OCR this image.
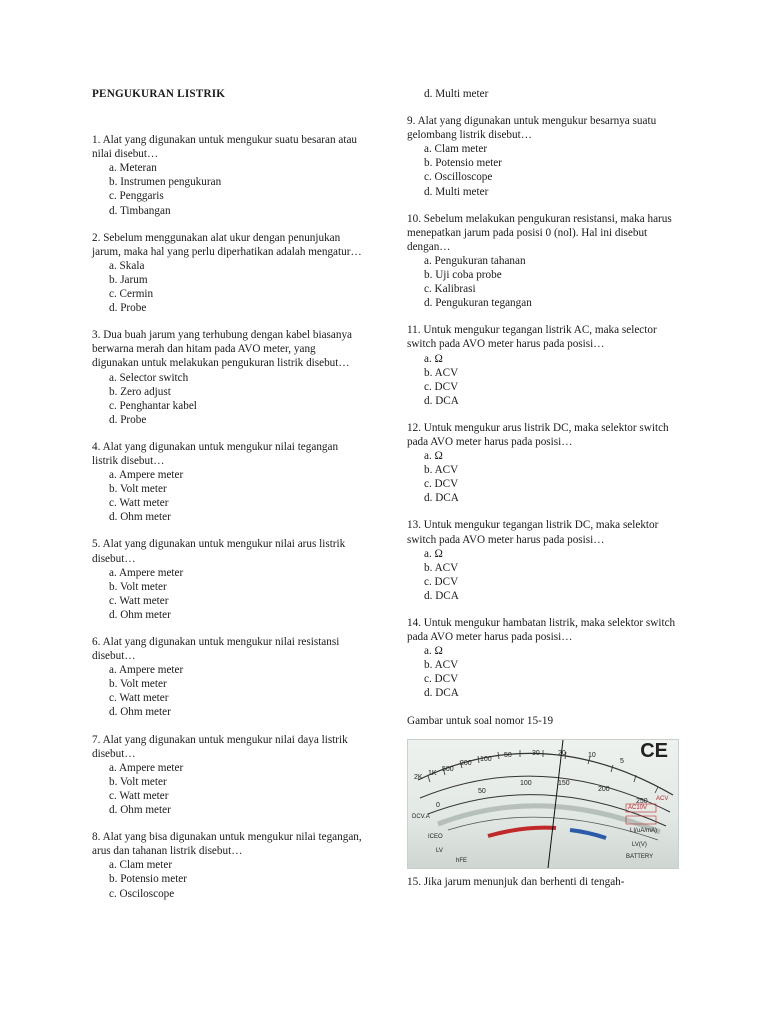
PENGUKURAN LISTRIK
1. Alat yang digunakan untuk mengukur suatu besaran atau nilai disebut…
a. Meteran
b. Instrumen pengukuran
c. Penggaris
d. Timbangan
2. Sebelum menggunakan alat ukur dengan penunjukan jarum, maka hal yang perlu diperhatikan adalah mengatur…
a. Skala
b. Jarum
c. Cermin
d. Probe
3. Dua buah jarum yang terhubung dengan kabel biasanya berwarna merah dan hitam pada AVO meter, yang digunakan untuk melakukan pengukuran listrik disebut…
a. Selector switch
b. Zero adjust
c. Penghantar kabel
d. Probe
4. Alat yang digunakan untuk mengukur nilai tegangan listrik disebut…
a. Ampere meter
b. Volt meter
c. Watt meter
d. Ohm meter
5. Alat yang digunakan untuk mengukur nilai arus listrik disebut…
a. Ampere meter
b. Volt meter
c. Watt meter
d. Ohm meter
6. Alat yang digunakan untuk mengukur nilai resistansi disebut…
a. Ampere meter
b. Volt meter
c. Watt meter
d. Ohm meter
7. Alat yang digunakan untuk mengukur nilai daya listrik disebut…
a. Ampere meter
b. Volt meter
c. Watt meter
d. Ohm meter
8. Alat yang bisa digunakan untuk mengukur nilai tegangan, arus dan tahanan listrik disebut…
a. Clam meter
b. Potensio meter
c. Osciloscope
d. Multi meter
9. Alat yang digunakan untuk mengukur besarnya suatu gelombang listrik disebut…
a. Clam meter
b. Potensio meter
c. Oscilloscope
d. Multi meter
10. Sebelum melakukan pengukuran resistansi, maka harus menepatkan jarum pada posisi 0 (nol). Hal ini disebut dengan…
a. Pengukuran tahanan
b. Uji coba probe
c. Kalibrasi
d. Pengukuran tegangan
11. Untuk mengukur tegangan listrik AC, maka selector switch pada AVO meter harus pada posisi…
a. Ω
b. ACV
c. DCV
d. DCA
12. Untuk mengukur arus listrik DC, maka selektor switch pada AVO meter harus pada posisi…
a. Ω
b. ACV
c. DCV
d. DCA
13. Untuk mengukur tegangan listrik DC, maka selektor switch pada AVO meter harus pada posisi…
a. Ω
b. ACV
c. DCV
d. DCA
14. Untuk mengukur hambatan listrik, maka selektor switch pada AVO meter harus pada posisi…
a. Ω
b. ACV
c. DCV
d. DCA
Gambar untuk soal nomor 15-19
CE
DCV.A
ICEO
LV
hFE
ACV
AC10V
LI(uA/mA)
LV(V)
BATTERY
2K
1K
500
200
100
50	30	20	10
5
0
50
100	150
200
250
15. Jika jarum menunjuk dan berhenti di tengah-
